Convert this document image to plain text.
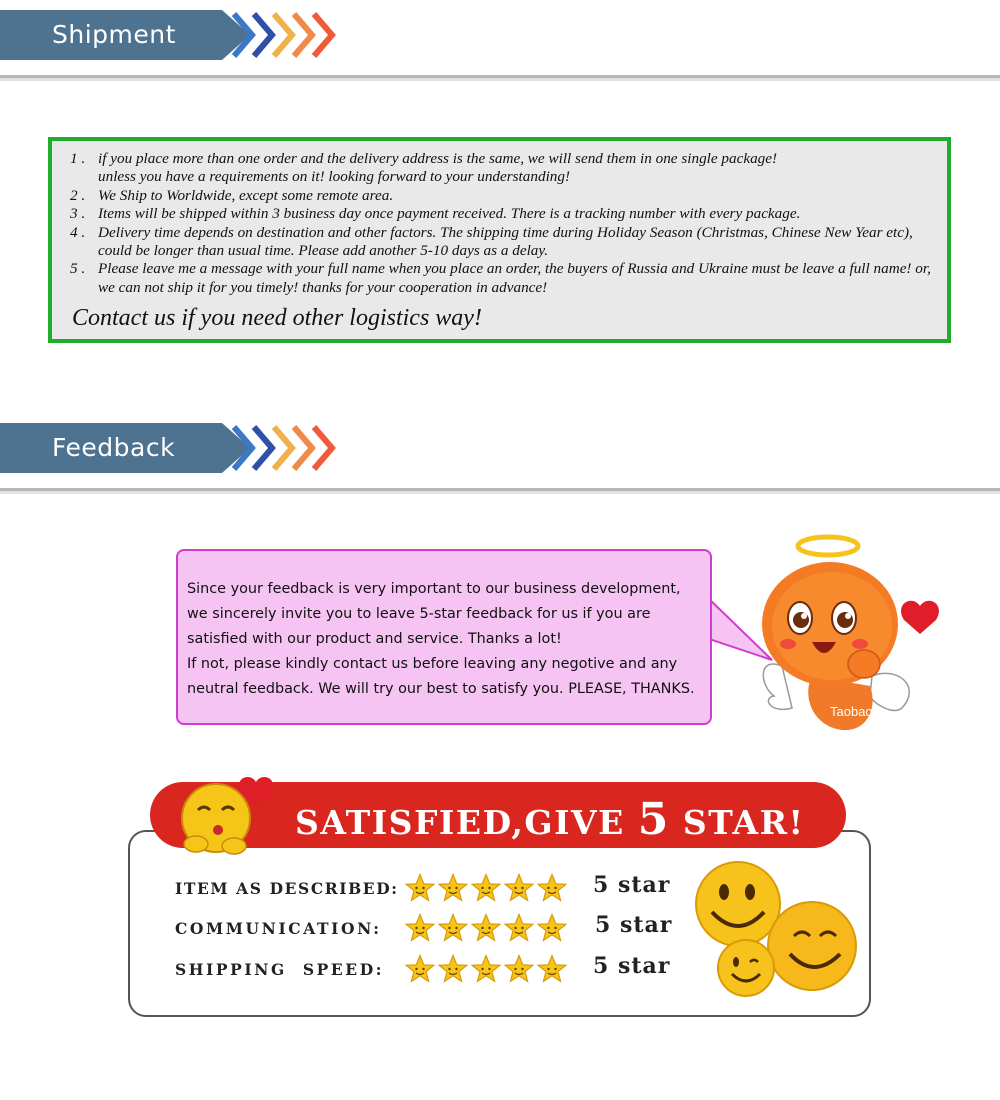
Shipment
1 . if you place more than one order and the delivery address is the same, we will send them in one single package!
unless you have a requirements on it! looking forward to your understanding!
2 . We Ship to Worldwide, except some remote area.
3 . Items will be shipped within 3 business day once payment received. There is a tracking number with every package.
4 . Delivery time depends on destination and other factors. The shipping time during Holiday Season (Christmas, Chinese New Year etc), could be longer than usual time. Please add another 5-10 days as a delay.
5 . Please leave me a message with your full name when you place an order, the buyers of Russia and Ukraine must be leave a full name! or, we can not ship it for you timely! thanks for your cooperation in advance!
Contact us if you need other logistics way!
Feedback
Since your feedback is very important to our business development,
we sincerely invite you to leave 5-star feedback for us if you are
satisfied with our product and service. Thanks a lot!
If not, please kindly contact us before leaving any negotive and any
neutral feedback. We will try our best to satisfy you. PLEASE, THANKS.
Taobao
SATISFIED,GIVE 5 STAR!
ITEM AS DESCRIBED:	5 star
COMMUNICATION:	5 star
SHIPPING  SPEED:	5 star
